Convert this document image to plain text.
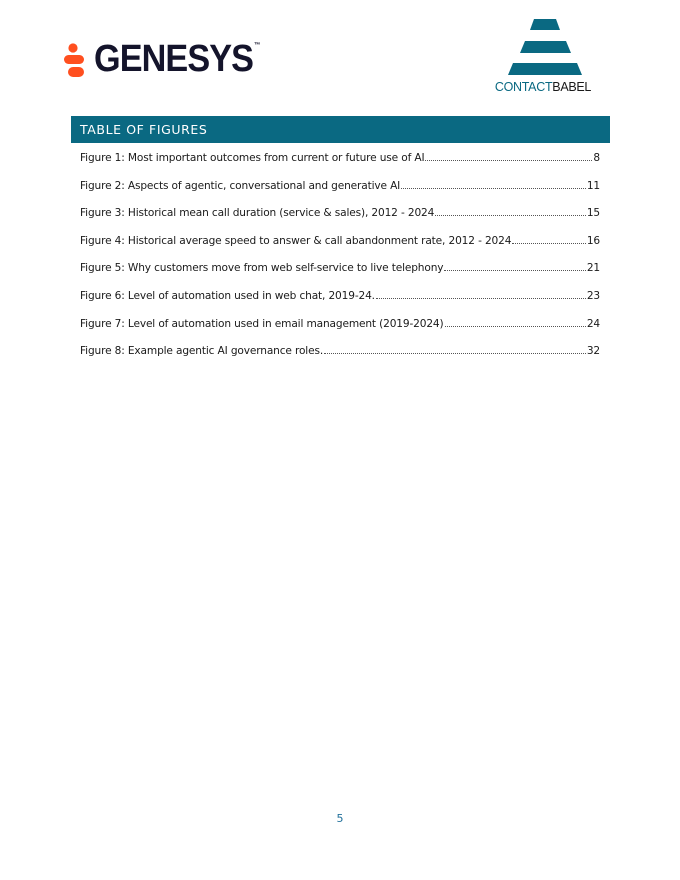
GENESYS™
CONTACTBABEL
TABLE OF FIGURES
Figure 1: Most important outcomes from current or future use of AI	8
Figure 2: Aspects of agentic, conversational and generative AI	11
Figure 3: Historical mean call duration (service & sales), 2012 - 2024	15
Figure 4: Historical average speed to answer & call abandonment rate, 2012 - 2024	16
Figure 5: Why customers move from web self-service to live telephony	21
Figure 6: Level of automation used in web chat, 2019-24.	23
Figure 7: Level of automation used in email management (2019-2024)	24
Figure 8: Example agentic AI governance roles.	32
5
